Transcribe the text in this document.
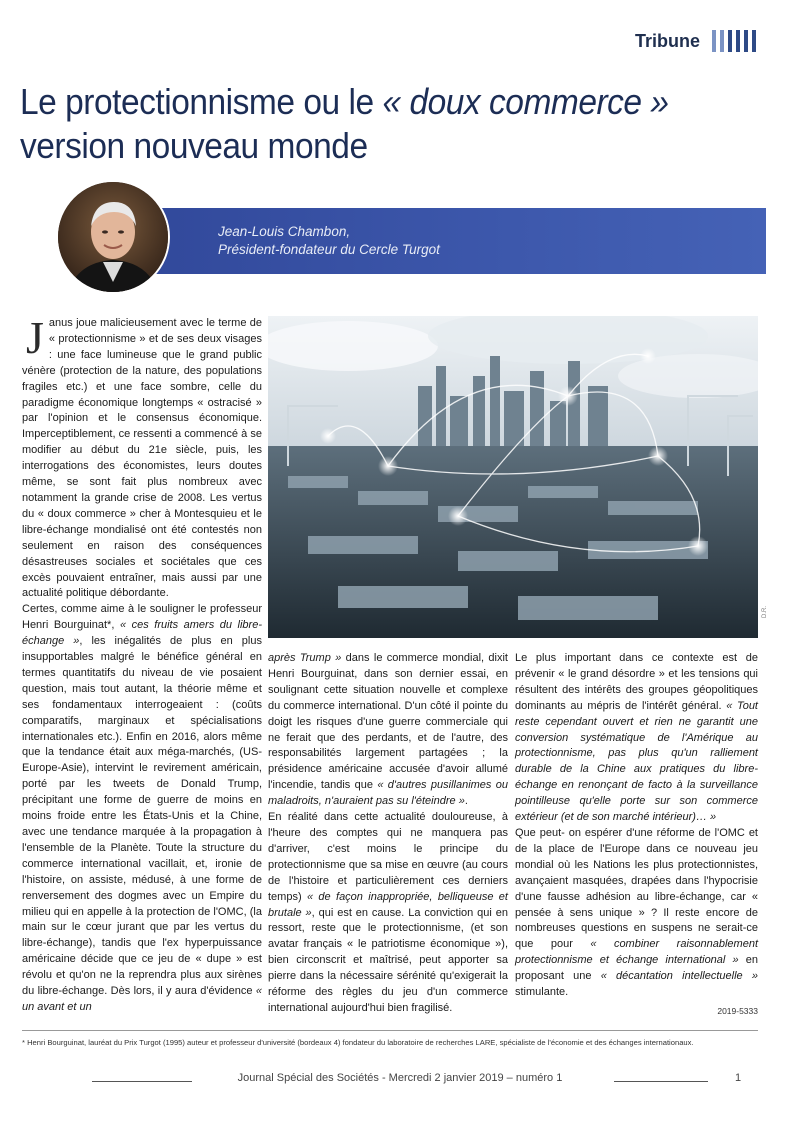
Tribune
Le protectionnisme ou le « doux commerce »
version nouveau monde
Jean-Louis Chambon,
Président-fondateur du Cercle Turgot

Janus joue malicieusement avec le terme de « protectionnisme » et de ses deux visages : une face lumineuse que le grand public vénère (protection de la nature, des populations fragiles etc.) et une face sombre, celle du paradigme économique longtemps « ostracisé » par l'opinion et le consensus économique. Imperceptiblement, ce ressenti a commencé à se modifier au début du 21e siècle, puis, les interrogations des économistes, leurs doutes même, se sont fait plus nombreux avec notamment la grande crise de 2008. Les vertus du « doux commerce » cher à Montesquieu et le libre-échange mondialisé ont été contestés non seulement en raison des conséquences désastreuses sociales et sociétales que ces excès pouvaient entraîner, mais aussi par une actualité politique débordante.

Certes, comme aime à le souligner le professeur Henri Bourguinat*, « ces fruits amers du libre-échange », les inégalités de plus en plus insupportables malgré le bénéfice général en termes quantitatifs du niveau de vie posaient question, mais tout autant, la théorie même et ses fondamentaux interrogeaient : (coûts comparatifs, marginaux et spécialisations internationales etc.). Enfin en 2016, alors même que la tendance était aux méga-marchés, (US-Europe-Asie), intervint le revirement américain, porté par les tweets de Donald Trump, précipitant une forme de guerre de moins en moins froide entre les États-Unis et la Chine, avec une tendance marquée à la propagation à l'ensemble de la Planète. Toute la structure du commerce international vacillait, et, ironie de l'histoire, on assiste, médusé, à une forme de renversement des dogmes avec un Empire du milieu qui en appelle à la protection de l'OMC, (la main sur le cœur jurant que par les vertus du libre-échange), tandis que l'ex hyperpuissance américaine décide que ce jeu de « dupe » est révolu et qu'on ne la reprendra plus aux sirènes du libre-échange. Dès lors, il y aura d'évidence « un avant et un

D.R.

après Trump » dans le commerce mondial, dixit Henri Bourguinat, dans son dernier essai, en soulignant cette situation nouvelle et complexe du commerce international. D'un côté il pointe du doigt les risques d'une guerre commerciale qui ne ferait que des perdants, et de l'autre, des responsabilités largement partagées ; la présidence américaine accusée d'avoir allumé l'incendie, tandis que « d'autres pusillanimes ou maladroits, n'auraient pas su l'éteindre ».

En réalité dans cette actualité douloureuse, à l'heure des comptes qui ne manquera pas d'arriver, c'est moins le principe du protectionnisme que sa mise en œuvre (au cours de l'histoire et particulièrement ces derniers temps) « de façon inappropriée, belliqueuse et brutale », qui est en cause. La conviction qui en ressort, reste que le protectionnisme, (et son avatar français « le patriotisme économique »), bien circonscrit et maîtrisé, peut apporter sa pierre dans la nécessaire sérénité qu'exigerait la réforme des règles du jeu d'un commerce international aujourd'hui bien fragilisé.

Le plus important dans ce contexte est de prévenir « le grand désordre » et les tensions qui résultent des intérêts des groupes géopolitiques dominants au mépris de l'intérêt général. « Tout reste cependant ouvert et rien ne garantit une conversion systématique de l'Amérique au protectionnisme, pas plus qu'un ralliement durable de la Chine aux pratiques du libre-échange en renonçant de facto à la surveillance pointilleuse qu'elle porte sur son commerce extérieur (et de son marché intérieur)… »

Que peut- on espérer d'une réforme de l'OMC et de la place de l'Europe dans ce nouveau jeu mondial où les Nations les plus protectionnistes, avançaient masquées, drapées dans l'hypocrisie d'une fausse adhésion au libre-échange, car « pensée à sens unique » ? Il reste encore de nombreuses questions en suspens ne serait-ce que pour « combiner raisonnablement protectionnisme et échange international » en proposant une « décantation intellectuelle » stimulante.

2019-5333
* Henri Bourguinat, lauréat du Prix Turgot (1995) auteur et professeur d'université (bordeaux 4) fondateur du laboratoire de recherches LARE, spécialiste de l'économie et des échanges internationaux.
Journal Spécial des Sociétés - Mercredi 2 janvier 2019 – numéro 1	1
